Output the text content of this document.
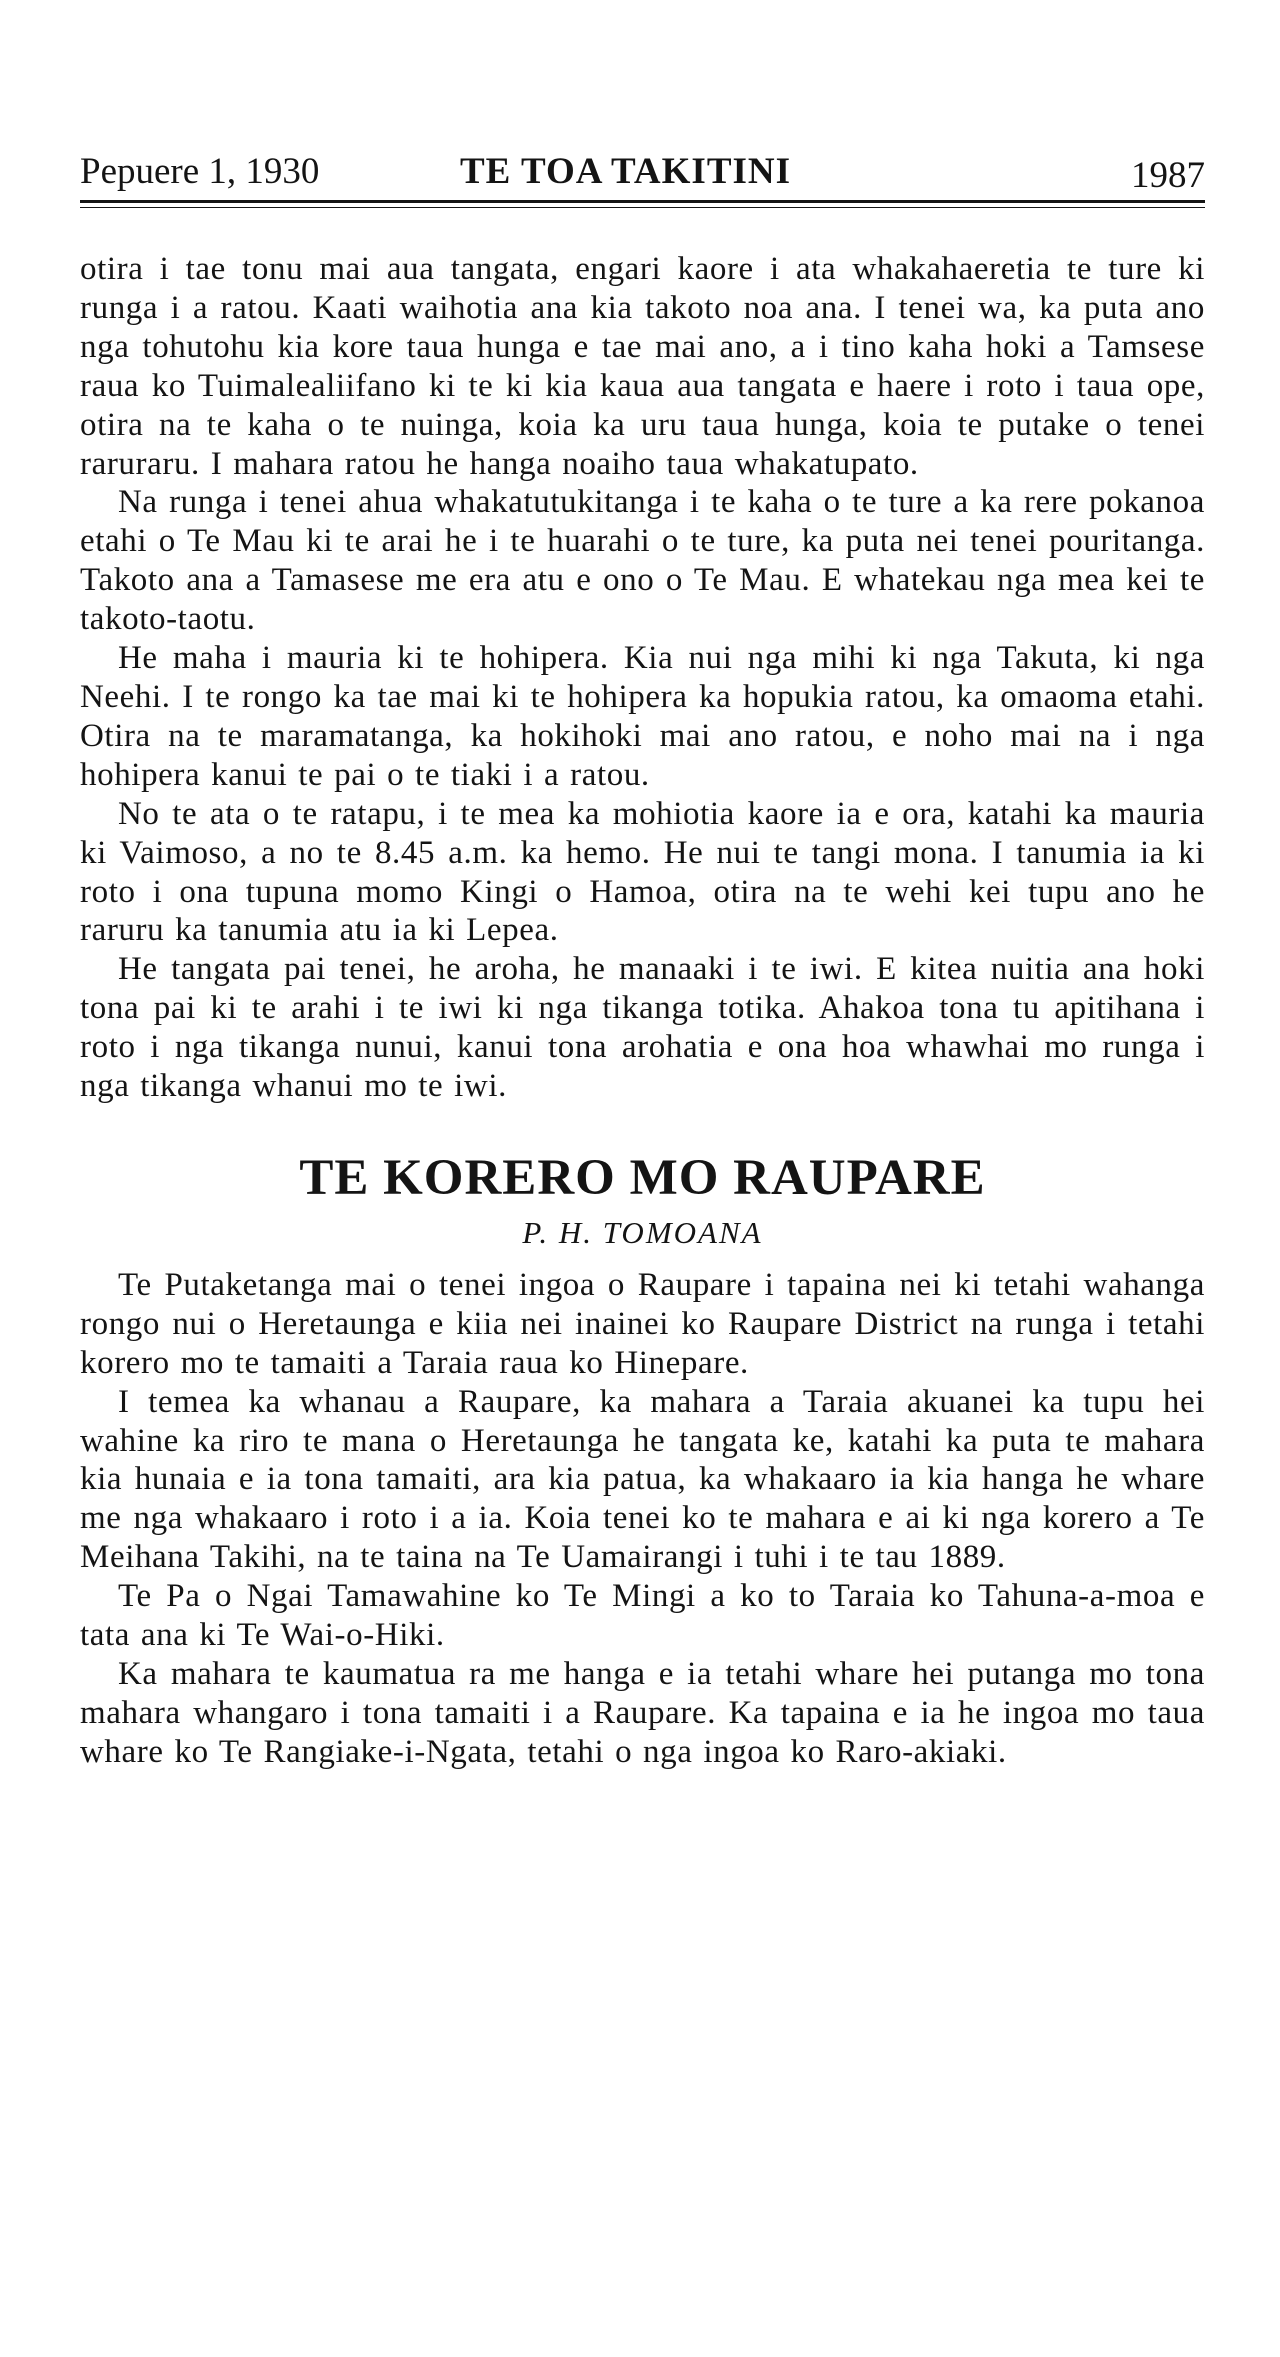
Pepuere 1, 1930	TE TOA TAKITINI	1987

otira i tae tonu mai aua tangata, engari kaore i ata whakahaeretia te ture ki runga i a ratou. Kaati waihotia ana kia takoto noa ana. I tenei wa, ka puta ano nga tohutohu kia kore taua hunga e tae mai ano, a i tino kaha hoki a Tamsese raua ko Tuimalealiifano ki te ki kia kaua aua tangata e haere i roto i taua ope, otira na te kaha o te nuinga, koia ka uru taua hunga, koia te putake o tenei raruraru. I mahara ratou he hanga noaiho taua whakatupato.

Na runga i tenei ahua whakatutukitanga i te kaha o te ture a ka rere pokanoa etahi o Te Mau ki te arai he i te huarahi o te ture, ka puta nei tenei pouritanga. Takoto ana a Tamasese me era atu e ono o Te Mau. E whatekau nga mea kei te takoto-taotu.

He maha i mauria ki te hohipera. Kia nui nga mihi ki nga Takuta, ki nga Neehi. I te rongo ka tae mai ki te hohipera ka hopukia ratou, ka omaoma etahi. Otira na te maramatanga, ka hokihoki mai ano ratou, e noho mai na i nga hohipera kanui te pai o te tiaki i a ratou.

No te ata o te ratapu, i te mea ka mohiotia kaore ia e ora, katahi ka mauria ki Vaimoso, a no te 8.45 a.m. ka hemo. He nui te tangi mona. I tanumia ia ki roto i ona tupuna momo Kingi o Hamoa, otira na te wehi kei tupu ano he raruru ka tanumia atu ia ki Lepea.

He tangata pai tenei, he aroha, he manaaki i te iwi. E kitea nuitia ana hoki tona pai ki te arahi i te iwi ki nga tikanga totika. Ahakoa tona tu apitihana i roto i nga tikanga nunui, kanui tona arohatia e ona hoa whawhai mo runga i nga tikanga whanui mo te iwi.

TE KORERO MO RAUPARE
P. H. TOMOANA

Te Putaketanga mai o tenei ingoa o Raupare i tapaina nei ki tetahi wahanga rongo nui o Heretaunga e kiia nei inainei ko Raupare District na runga i tetahi korero mo te tamaiti a Taraia raua ko Hinepare.

I temea ka whanau a Raupare, ka mahara a Taraia akuanei ka tupu hei wahine ka riro te mana o Heretaunga he tangata ke, katahi ka puta te mahara kia hunaia e ia tona tamaiti, ara kia patua, ka whakaaro ia kia hanga he whare me nga whakaaro i roto i a ia. Koia tenei ko te mahara e ai ki nga korero a Te Meihana Takihi, na te taina na Te Uamairangi i tuhi i te tau 1889.

Te Pa o Ngai Tamawahine ko Te Mingi a ko to Taraia ko Tahuna-a-moa e tata ana ki Te Wai-o-Hiki.

Ka mahara te kaumatua ra me hanga e ia tetahi whare hei putanga mo tona mahara whangaro i tona tamaiti i a Raupare. Ka tapaina e ia he ingoa mo taua whare ko Te Rangiake-i-Ngata, tetahi o nga ingoa ko Raro-akiaki.
